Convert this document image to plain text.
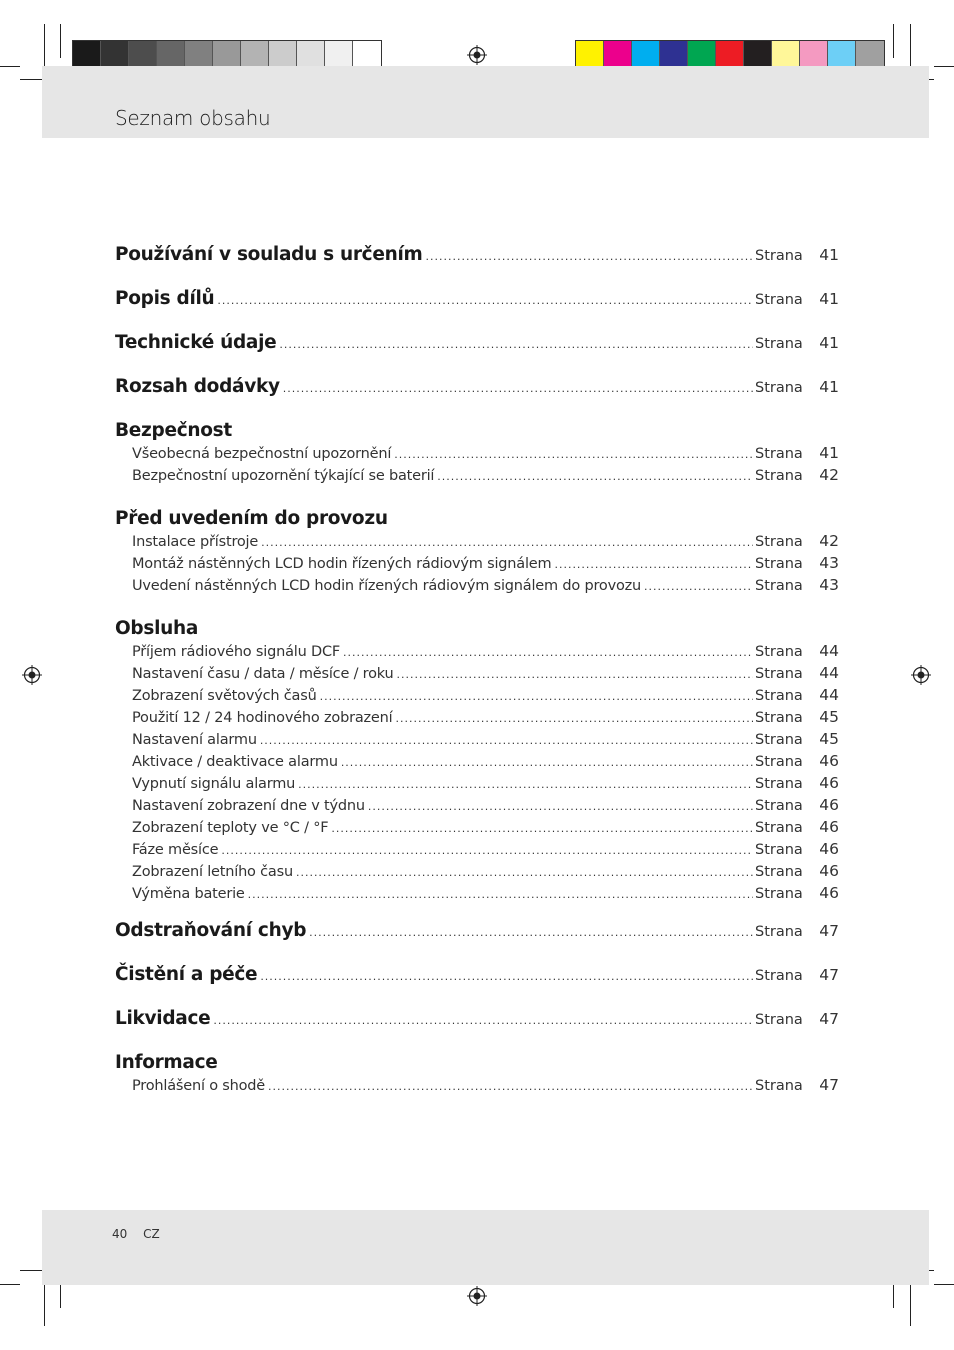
Seznam obsahu
Používání v souladu s určením .....	Strana	41
Popis dílů .....	Strana	41
Technické údaje .....	Strana	41
Rozsah dodávky .....	Strana	41
Bezpečnost
Všeobecná bezpečnostní upozornění .....	Strana	41
Bezpečnostní upozornění týkající se baterií .....	Strana	42
Před uvedením do provozu
Instalace přístroje .....	Strana	42
Montáž nástěnných LCD hodin řízených rádiovým signálem .....	Strana	43
Uvedení nástěnných LCD hodin řízených rádiovým signálem do provozu .....	Strana	43
Obsluha
Příjem rádiového signálu DCF .....	Strana	44
Nastavení času / data / měsíce / roku .....	Strana	44
Zobrazení světových časů .....	Strana	44
Použití 12 / 24 hodinového zobrazení .....	Strana	45
Nastavení alarmu .....	Strana	45
Aktivace / deaktivace alarmu .....	Strana	46
Vypnutí signálu alarmu .....	Strana	46
Nastavení zobrazení dne v týdnu .....	Strana	46
Zobrazení teploty ve °C / °F .....	Strana	46
Fáze měsíce .....	Strana	46
Zobrazení letního času .....	Strana	46
Výměna baterie .....	Strana	46
Odstraňování chyb .....	Strana	47
Čistění a péče .....	Strana	47
Likvidace .....	Strana	47
Informace
Prohlášení o shodě .....	Strana	47
40 CZ
